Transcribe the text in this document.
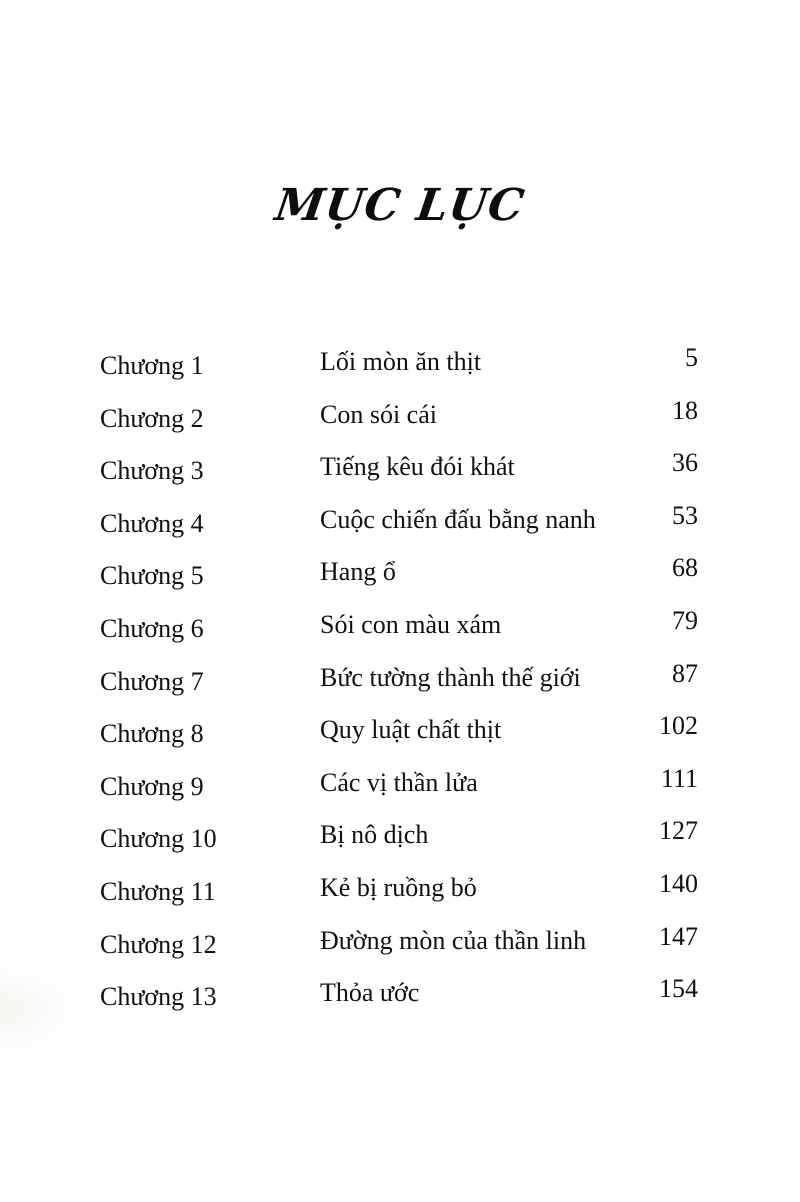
MỤC LỤC
Chương 1	Lối mòn ăn thịt	5
Chương 2	Con sói cái	18
Chương 3	Tiếng kêu đói khát	36
Chương 4	Cuộc chiến đấu bằng nanh	53
Chương 5	Hang ổ	68
Chương 6	Sói con màu xám	79
Chương 7	Bức tường thành thế giới	87
Chương 8	Quy luật chất thịt	102
Chương 9	Các vị thần lửa	111
Chương 10	Bị nô dịch	127
Chương 11	Kẻ bị ruồng bỏ	140
Chương 12	Đường mòn của thần linh	147
Chương 13	Thỏa ước	154
